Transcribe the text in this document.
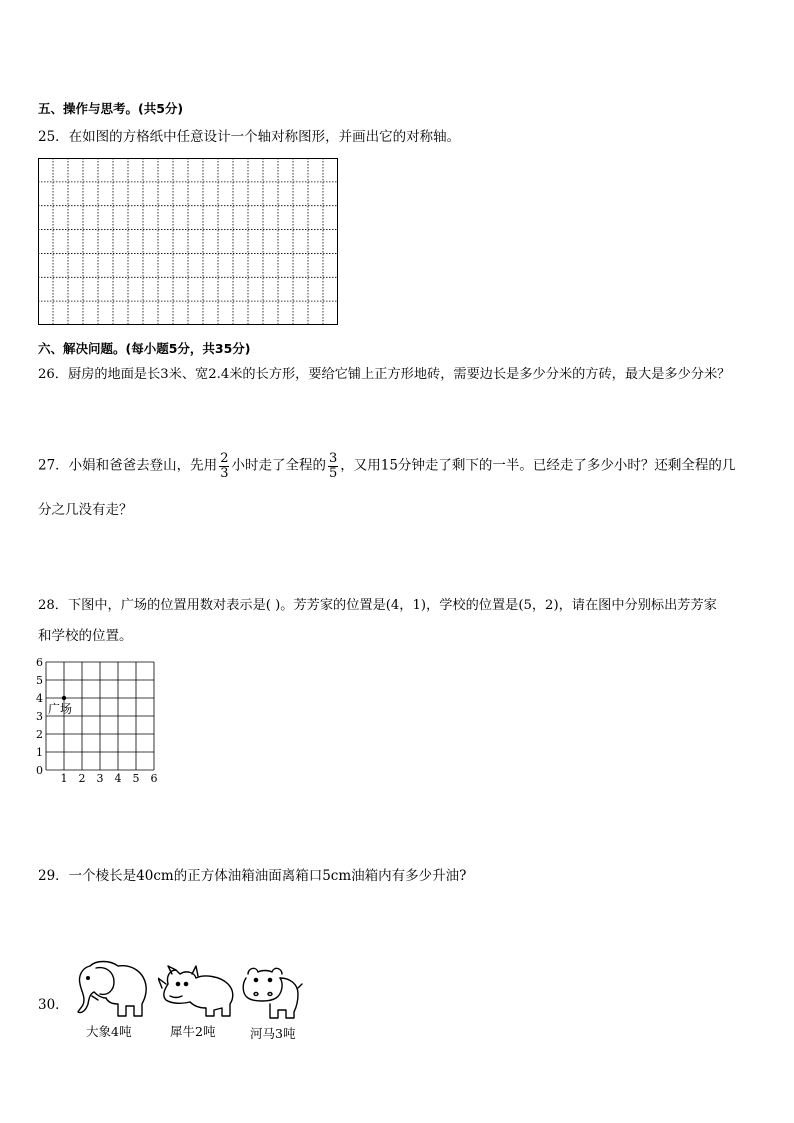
五、操作与思考。(共5分)
25．在如图的方格纸中任意设计一个轴对称图形，并画出它的对称轴。
六、解决问题。(每小题5分，共35分)
26．厨房的地面是长3米、宽2.4米的长方形，要给它铺上正方形地砖，需要边长是多少分米的方砖，最大是多少分米？
27．小娟和爸爸去登山，先用 $\frac{2}{3}$ 小时走了全程的 $\frac{3}{5}$ ，又用15分钟走了剩下的一半。已经走了多少小时？还剩全程的几
分之几没有走？
28．下图中，广场的位置用数对表示是( )。芳芳家的位置是(4，1)，学校的位置是(5，2)，请在图中分别标出芳芳家
和学校的位置。
1 2 3 4 5 6
0
1
2
3
4
5
6
广场
29．一个棱长是40cm的正方体油箱油面离箱口5cm油箱内有多少升油?
30．
大象4吨	犀牛2吨	河马3吨
